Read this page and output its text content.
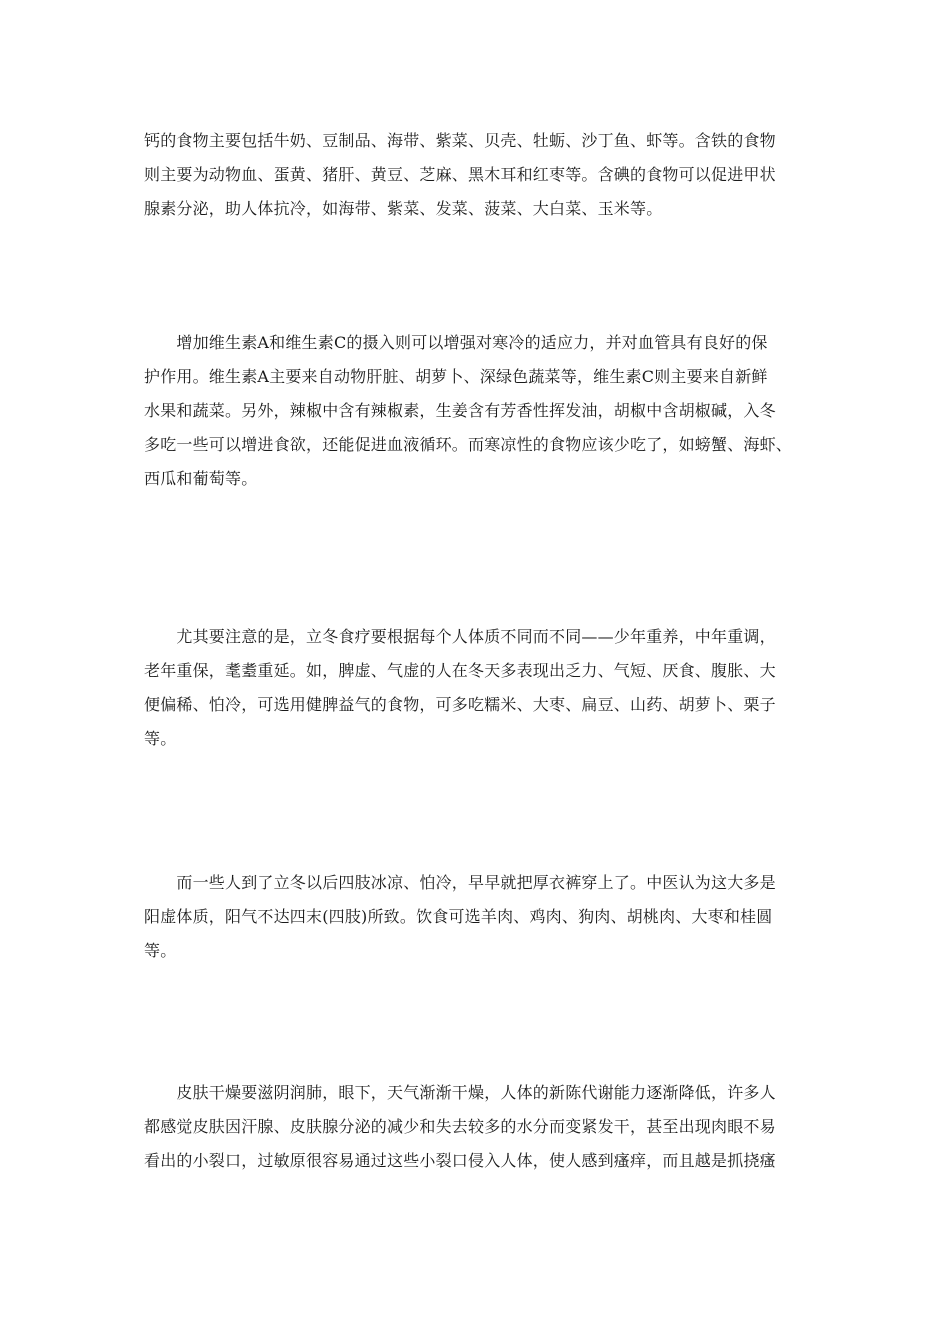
钙的食物主要包括牛奶、豆制品、海带、紫菜、贝壳、牡蛎、沙丁鱼、虾等。含铁的食物
则主要为动物血、蛋黄、猪肝、黄豆、芝麻、黑木耳和红枣等。含碘的食物可以促进甲状
腺素分泌，助人体抗冷，如海带、紫菜、发菜、菠菜、大白菜、玉米等。
　　增加维生素A和维生素C的摄入则可以增强对寒冷的适应力，并对血管具有良好的保
护作用。维生素A主要来自动物肝脏、胡萝卜、深绿色蔬菜等，维生素C则主要来自新鲜
水果和蔬菜。另外，辣椒中含有辣椒素，生姜含有芳香性挥发油，胡椒中含胡椒碱，入冬
多吃一些可以增进食欲，还能促进血液循环。而寒凉性的食物应该少吃了，如螃蟹、海虾、
西瓜和葡萄等。
　　尤其要注意的是，立冬食疗要根据每个人体质不同而不同——少年重养，中年重调，
老年重保，耄耋重延。如，脾虚、气虚的人在冬天多表现出乏力、气短、厌食、腹胀、大
便偏稀、怕冷，可选用健脾益气的食物，可多吃糯米、大枣、扁豆、山药、胡萝卜、栗子
等。
　　而一些人到了立冬以后四肢冰凉、怕冷，早早就把厚衣裤穿上了。中医认为这大多是
阳虚体质，阳气不达四末(四肢)所致。饮食可选羊肉、鸡肉、狗肉、胡桃肉、大枣和桂圆
等。
　　皮肤干燥要滋阴润肺，眼下，天气渐渐干燥，人体的新陈代谢能力逐渐降低，许多人
都感觉皮肤因汗腺、皮肤腺分泌的减少和失去较多的水分而变紧发干，甚至出现肉眼不易
看出的小裂口，过敏原很容易通过这些小裂口侵入人体，使人感到瘙痒，而且越是抓挠瘙
